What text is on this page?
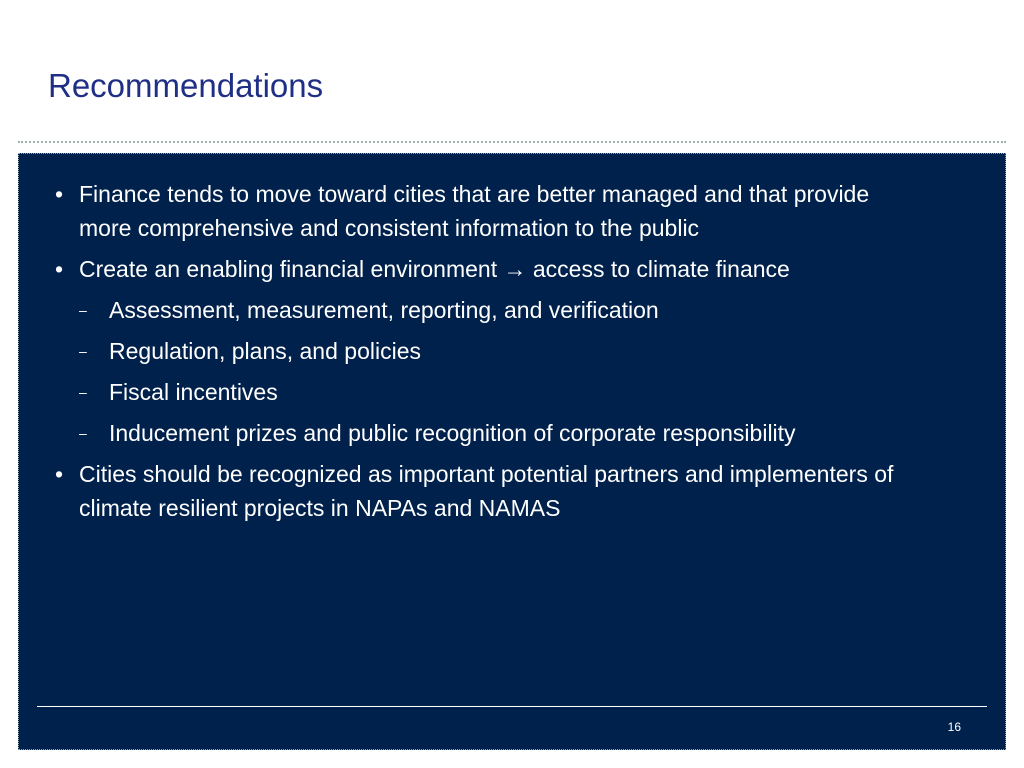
Recommendations
• Finance tends to move toward cities that are better managed and that provide more comprehensive and consistent information to the public
• Create an enabling financial environment → access to climate finance
– Assessment, measurement, reporting, and verification
– Regulation, plans, and policies
– Fiscal incentives
– Inducement prizes and public recognition of corporate responsibility
• Cities should be recognized as important potential partners and implementers of climate resilient projects in NAPAs and NAMAS
16
